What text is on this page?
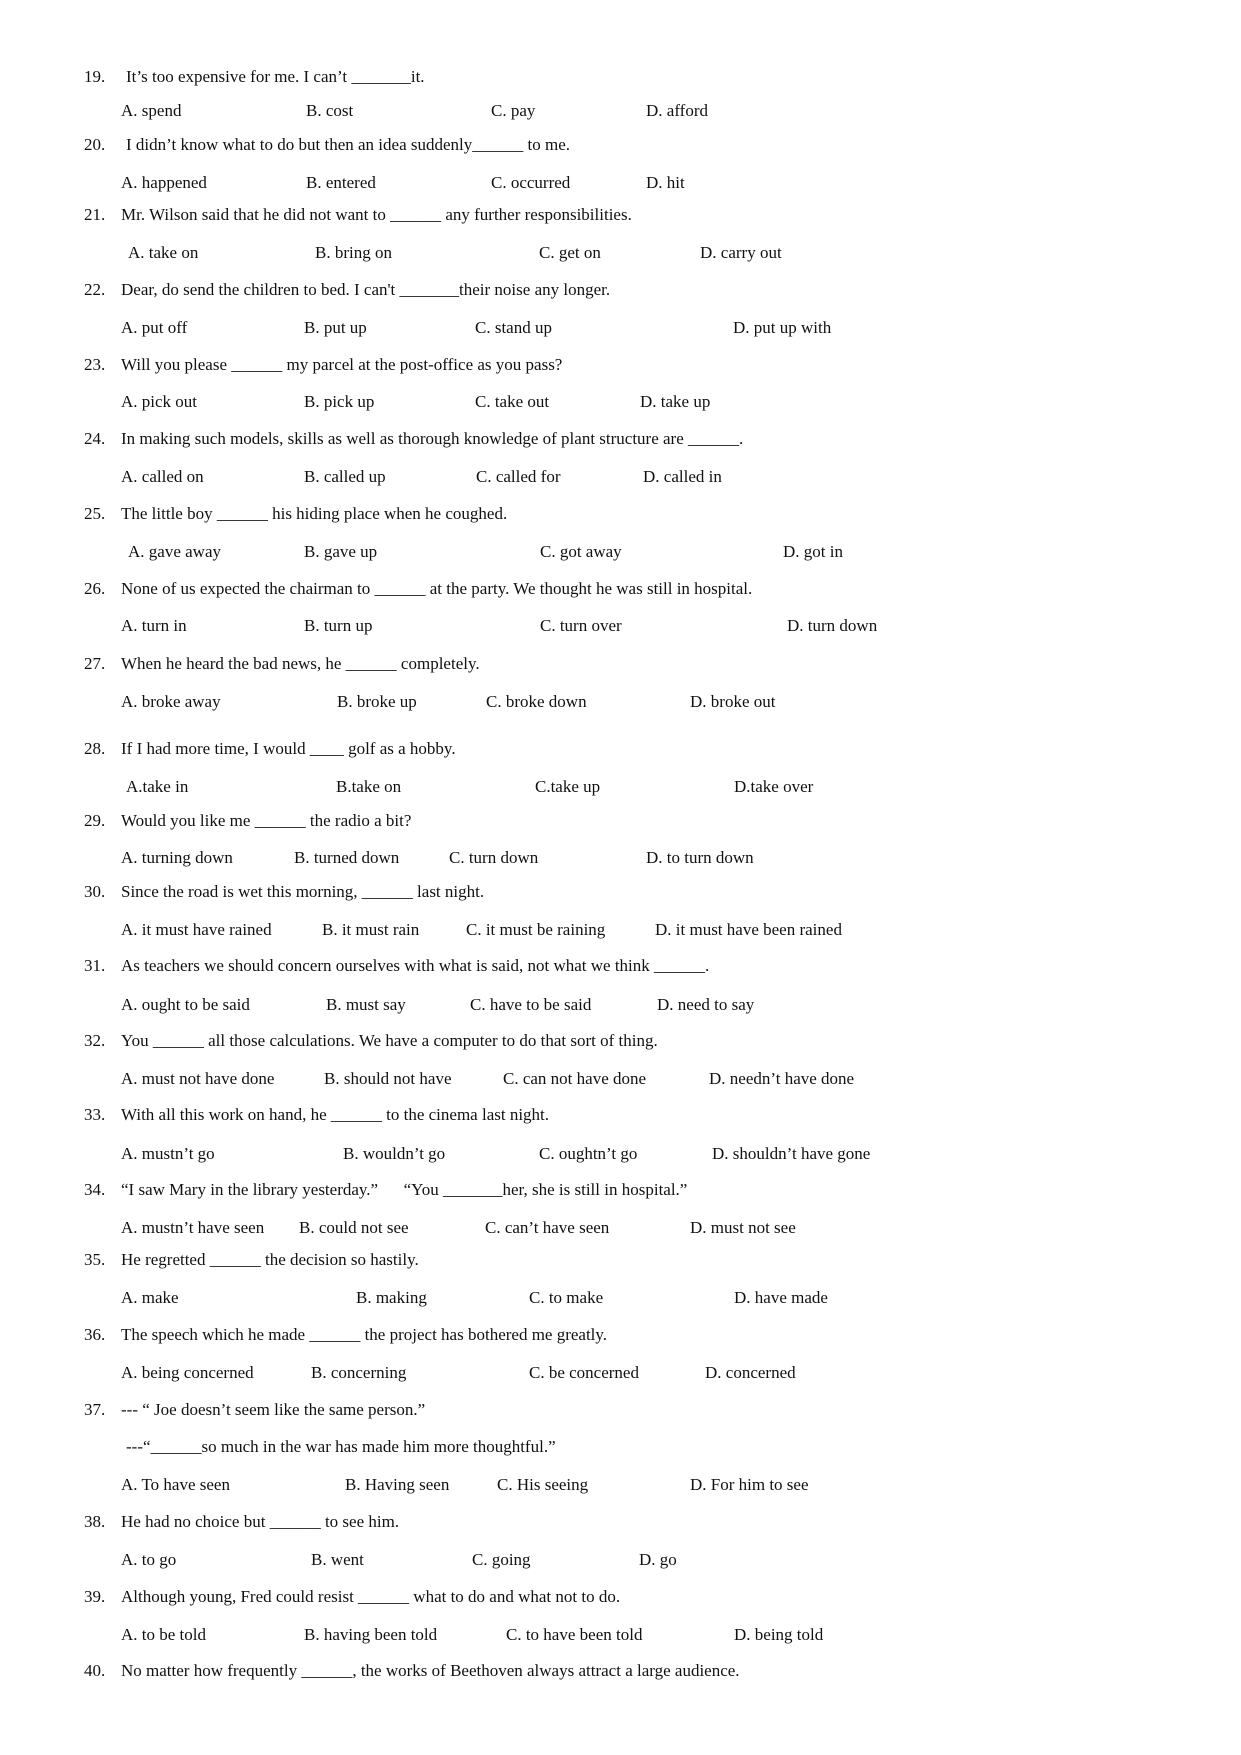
19. It’s too expensive for me. I can’t _______it.
A. spend	B. cost	C. pay	D. afford
20. I didn’t know what to do but then an idea suddenly______ to me.
A. happened	B. entered	C. occurred	D. hit
21. Mr. Wilson said that he did not want to ______ any further responsibilities.
A. take on	B. bring on	C. get on	D. carry out
22. Dear, do send the children to bed. I can't _______their noise any longer.
A. put off	B. put up	C. stand up	D. put up with
23. Will you please ______ my parcel at the post-office as you pass?
A. pick out	B. pick up	C. take out	D. take up
24. In making such models, skills as well as thorough knowledge of plant structure are ______.
A. called on	B. called up	C. called for	D. called in
25. The little boy ______ his hiding place when he coughed.
A. gave away	B. gave up	C. got away	D. got in
26. None of us expected the chairman to ______ at the party. We thought he was still in hospital.
A. turn in	B. turn up	C. turn over	D. turn down
27. When he heard the bad news, he ______ completely.
A. broke away	B. broke up	C. broke down	D. broke out
28. If I had more time, I would ____ golf as a hobby.
A.take in	B.take on	C.take up	D.take over
29. Would you like me ______ the radio a bit?
A. turning down	B. turned down	C. turn down	D. to turn down
30. Since the road is wet this morning, ______ last night.
A. it must have rained	B. it must rain	C. it must be raining	D. it must have been rained
31. As teachers we should concern ourselves with what is said, not what we think ______.
A. ought to be said	B. must say	C. have to be said	D. need to say
32. You ______ all those calculations. We have a computer to do that sort of thing.
A. must not have done	B. should not have	C. can not have done	D. needn’t have done
33. With all this work on hand, he ______ to the cinema last night.
A. mustn’t go	B. wouldn’t go	C. oughtn’t go	D. shouldn’t have gone
34. “I saw Mary in the library yesterday.”      “You _______her, she is still in hospital.”
A. mustn’t have seen B. could not see	C. can’t have seen	D. must not see
35. He regretted ______ the decision so hastily.
A. make	B. making	C. to make	D. have made
36. The speech which he made ______ the project has bothered me greatly.
A. being concerned	B. concerning	C. be concerned	D. concerned
37. --- “ Joe doesn’t seem like the same person.”
---“______so much in the war has made him more thoughtful.”
A. To have seen	B. Having seen	C. His seeing	D. For him to see
38. He had no choice but ______ to see him.
A. to go	B. went	C. going	D. go
39. Although young, Fred could resist ______ what to do and what not to do.
A. to be told	B. having been told	C. to have been told	D. being told
40. No matter how frequently ______, the works of Beethoven always attract a large audience.
